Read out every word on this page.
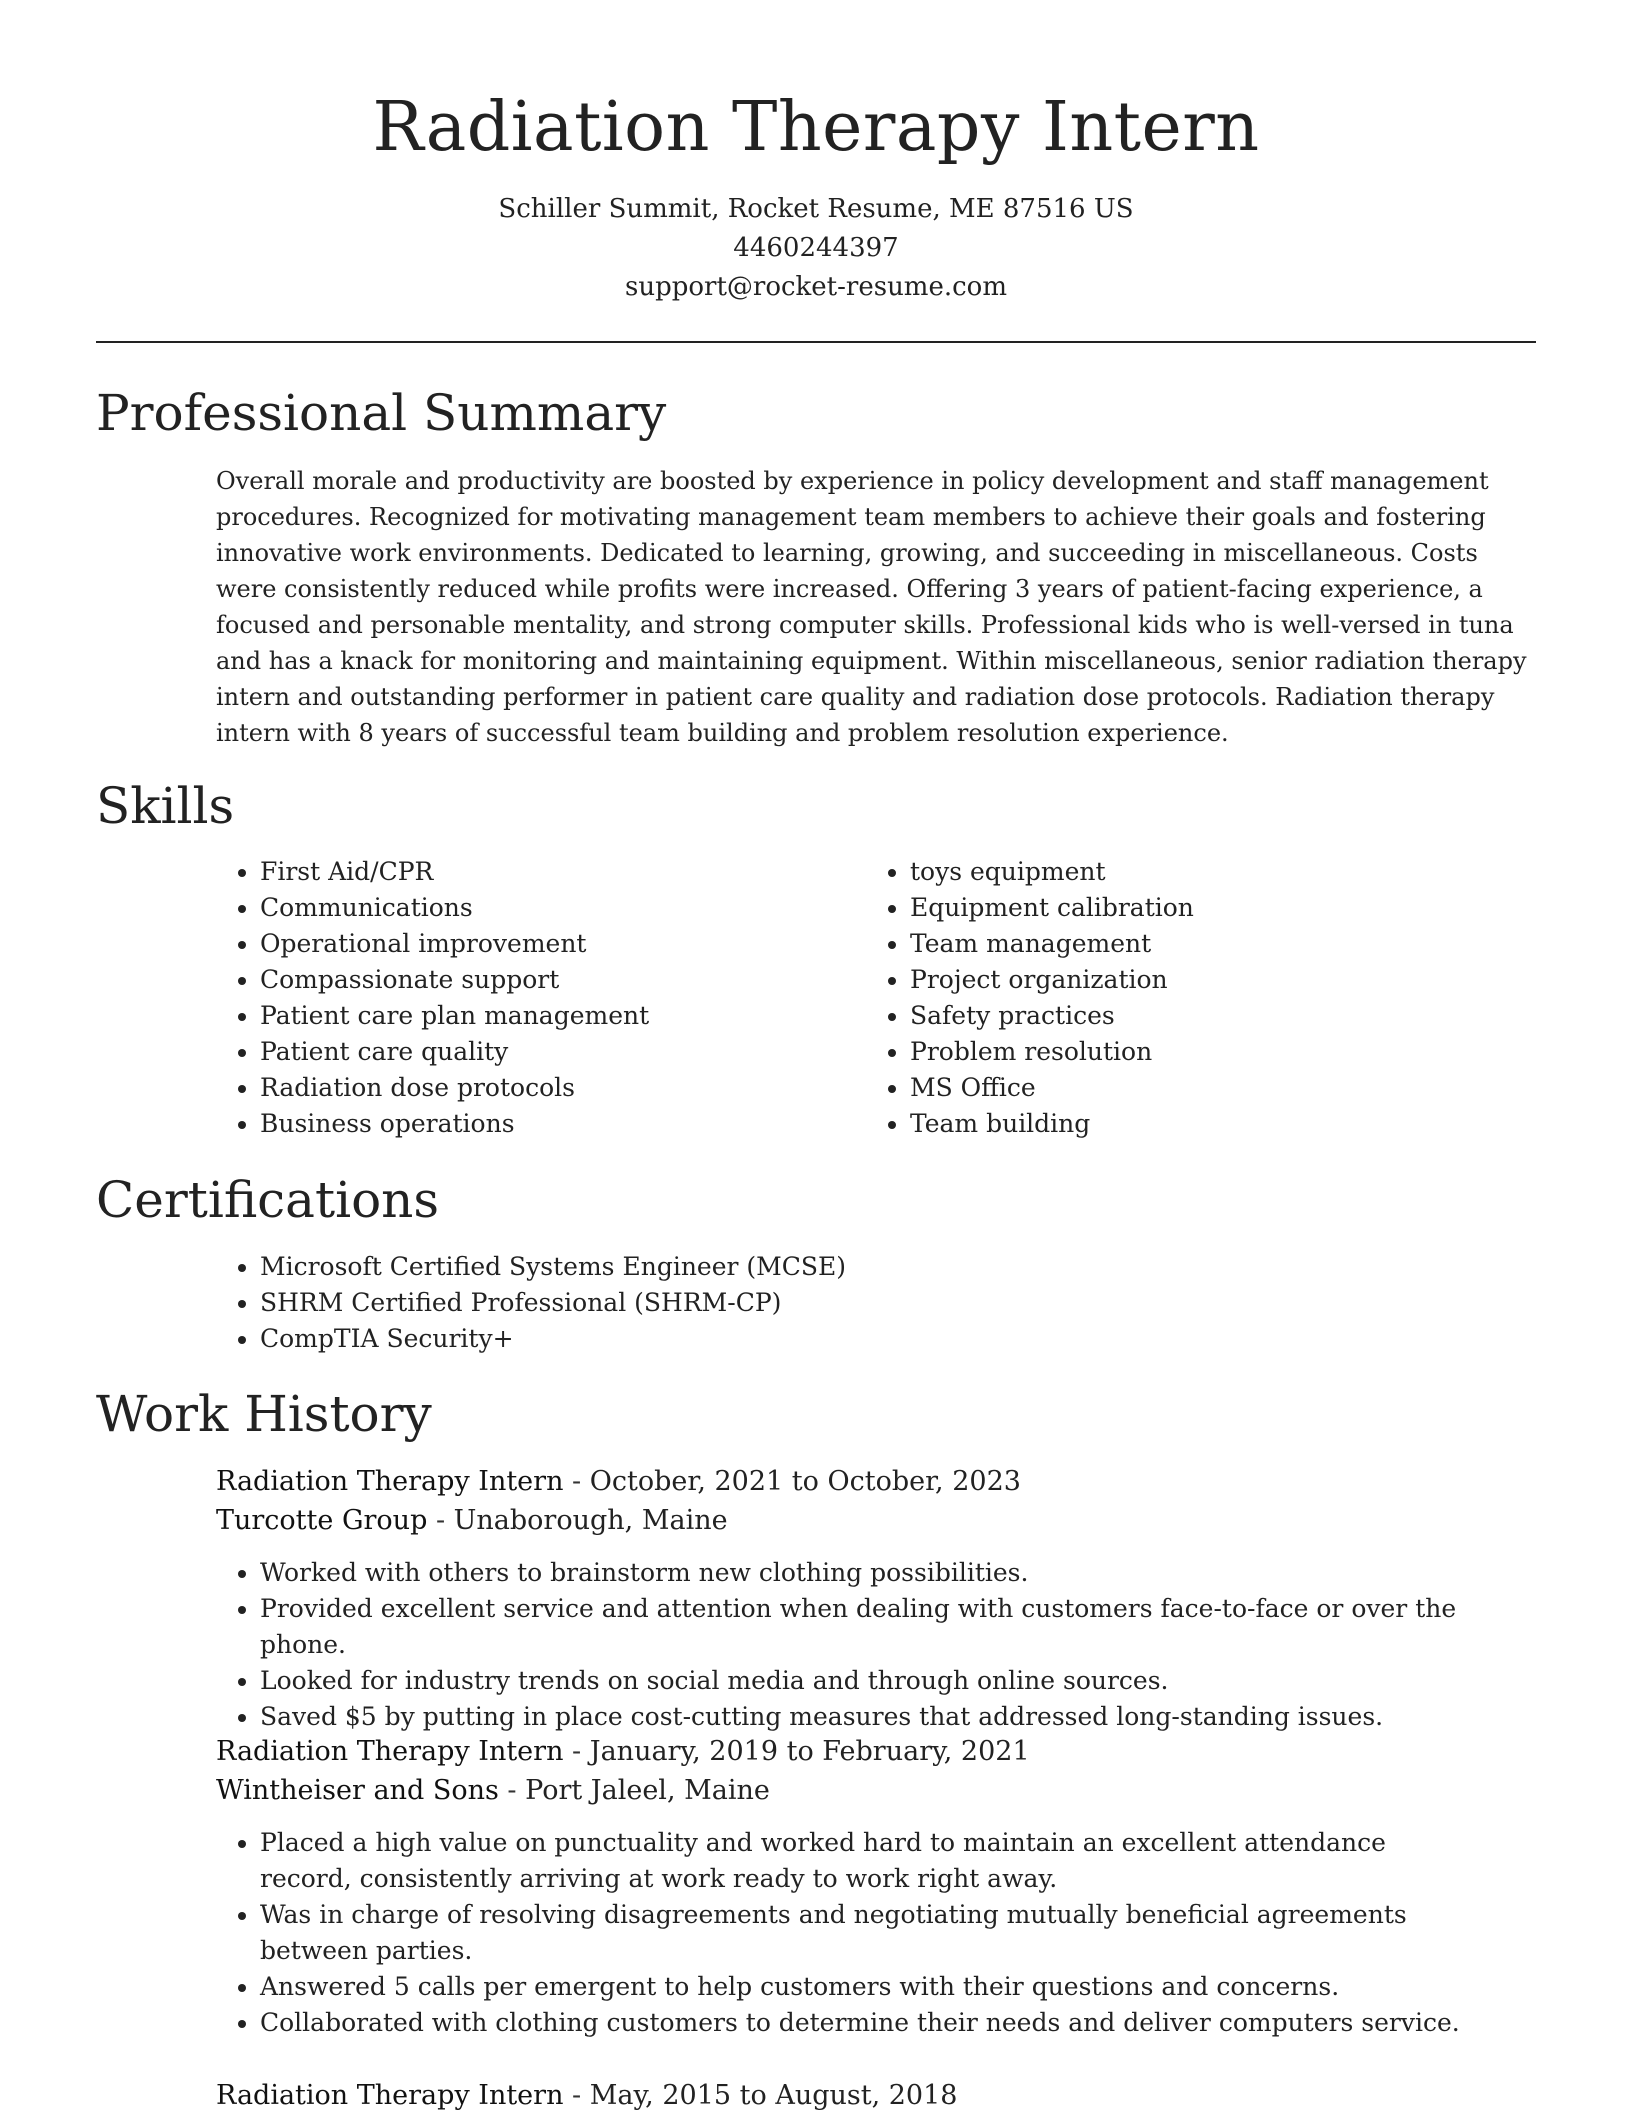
Radiation Therapy Intern
Schiller Summit, Rocket Resume, ME 87516 US
4460244397
support@rocket-resume.com
Professional Summary

Overall morale and productivity are boosted by experience in policy development and staff management procedures. Recognized for motivating management team members to achieve their goals and fostering innovative work environments. Dedicated to learning, growing, and succeeding in miscellaneous. Costs were consistently reduced while profits were increased. Offering 3 years of patient-facing experience, a focused and personable mentality, and strong computer skills. Professional kids who is well-versed in tuna and has a knack for monitoring and maintaining equipment. Within miscellaneous, senior radiation therapy intern and outstanding performer in patient care quality and radiation dose protocols. Radiation therapy intern with 8 years of successful team building and problem resolution experience.

Skills
• First Aid/CPR
• Communications
• Operational improvement
• Compassionate support
• Patient care plan management
• Patient care quality
• Radiation dose protocols
• Business operations
• toys equipment
• Equipment calibration
• Team management
• Project organization
• Safety practices
• Problem resolution
• MS Office
• Team building
Certifications
• Microsoft Certified Systems Engineer (MCSE)
• SHRM Certified Professional (SHRM-CP)
• CompTIA Security+
Work History

Radiation Therapy Intern - October, 2021 to October, 2023

Turcotte Group - Unaborough, Maine

• Worked with others to brainstorm new clothing possibilities.
• Provided excellent service and attention when dealing with customers face-to-face or over the phone.
• Looked for industry trends on social media and through online sources.
• Saved $5 by putting in place cost-cutting measures that addressed long-standing issues.

Radiation Therapy Intern - January, 2019 to February, 2021

Wintheiser and Sons - Port Jaleel, Maine

• Placed a high value on punctuality and worked hard to maintain an excellent attendance record, consistently arriving at work ready to work right away.
• Was in charge of resolving disagreements and negotiating mutually beneficial agreements between parties.
• Answered 5 calls per emergent to help customers with their questions and concerns.
• Collaborated with clothing customers to determine their needs and deliver computers service.

Radiation Therapy Intern - May, 2015 to August, 2018
